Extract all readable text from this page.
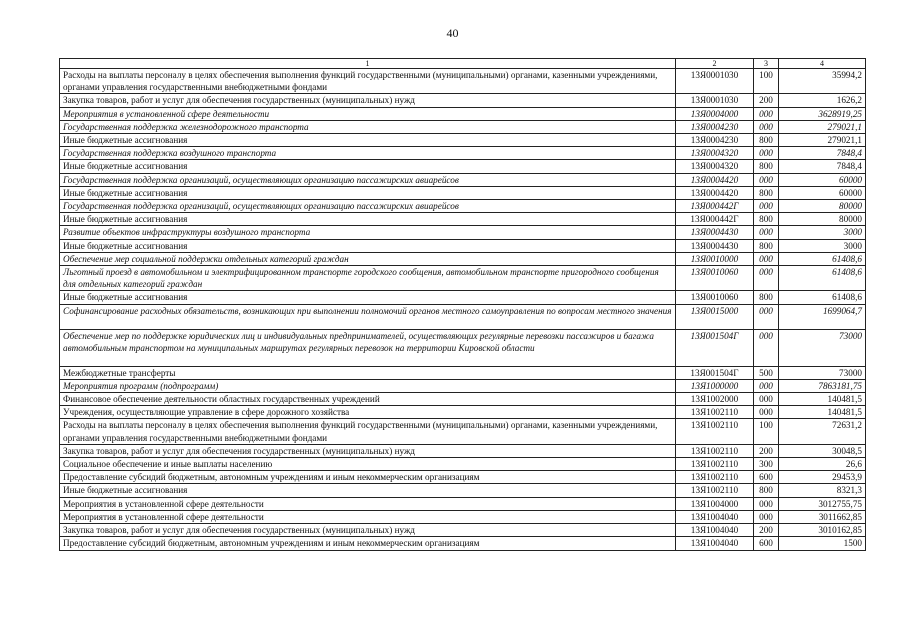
40
1	2	3	4
Расходы на выплаты персоналу в целях обеспечения выполнения функций государственными (муниципальными) органами, казенными учреждениями, органами управления государственными внебюджетными фондами	13Я0001030	100	35994,2
Закупка товаров, работ и услуг для обеспечения государственных (муниципальных) нужд	13Я0001030	200	1626,2
Мероприятия в установленной сфере деятельности	13Я0004000	000	3628919,25
Государственная поддержка железнодорожного транспорта	13Я0004230	000	279021,1
Иные бюджетные ассигнования	13Я0004230	800	279021,1
Государственная поддержка воздушного транспорта	13Я0004320	000	7848,4
Иные бюджетные ассигнования	13Я0004320	800	7848,4
Государственная поддержка организаций, осуществляющих организацию пассажирских авиарейсов	13Я0004420	000	60000
Иные бюджетные ассигнования	13Я0004420	800	60000
Государственная поддержка организаций, осуществляющих организацию пассажирских авиарейсов	13Я000442Г	000	80000
Иные бюджетные ассигнования	13Я000442Г	800	80000
Развитие объектов инфраструктуры воздушного транспорта	13Я0004430	000	3000
Иные бюджетные ассигнования	13Я0004430	800	3000
Обеспечение мер социальной поддержки отдельных категорий граждан	13Я0010000	000	61408,6
Льготный проезд в автомобильном и электрифицированном транспорте городского сообщения, автомобильном транспорте пригородного сообщения для отдельных категорий граждан	13Я0010060	000	61408,6
Иные бюджетные ассигнования	13Я0010060	800	61408,6
Софинансирование расходных обязательств, возникающих при выполнении полномочий органов местного самоуправления по вопросам местного значения	13Я0015000	000	1699064,7
Обеспечение мер по поддержке юридических лиц и индивидуальных предпринимателей, осуществляющих регулярные перевозки пассажиров и багажа автомобильным транспортом на муниципальных маршрутах регулярных перевозок на территории Кировской области	13Я001504Г	000	73000
Межбюджетные трансферты	13Я001504Г	500	73000
Мероприятия программ (подпрограмм)	13Я1000000	000	7863181,75
Финансовое обеспечение деятельности областных государственных учреждений	13Я1002000	000	140481,5
Учреждения, осуществляющие управление в сфере дорожного хозяйства	13Я1002110	000	140481,5
Расходы на выплаты персоналу в целях обеспечения выполнения функций государственными (муниципальными) органами, казенными учреждениями, органами управления государственными внебюджетными фондами	13Я1002110	100	72631,2
Закупка товаров, работ и услуг для обеспечения государственных (муниципальных) нужд	13Я1002110	200	30048,5
Социальное обеспечение и иные выплаты населению	13Я1002110	300	26,6
Предоставление субсидий бюджетным, автономным учреждениям и иным некоммерческим организациям	13Я1002110	600	29453,9
Иные бюджетные ассигнования	13Я1002110	800	8321,3
Мероприятия в установленной сфере деятельности	13Я1004000	000	3012755,75
Мероприятия в установленной сфере деятельности	13Я1004040	000	3011662,85
Закупка товаров, работ и услуг для обеспечения государственных (муниципальных) нужд	13Я1004040	200	3010162,85
Предоставление субсидий бюджетным, автономным учреждениям и иным некоммерческим организациям	13Я1004040	600	1500
